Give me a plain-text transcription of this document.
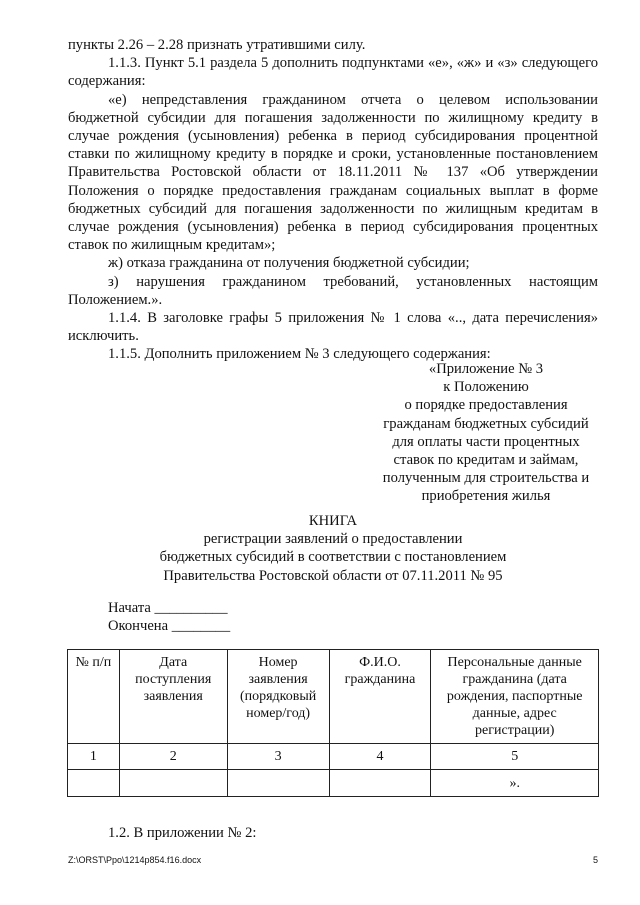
пункты 2.26 – 2.28 признать утратившими силу.

1.1.3. Пункт 5.1 раздела 5 дополнить подпунктами «е», «ж» и «з» следующего содержания:

«е) непредставления гражданином отчета о целевом использовании бюджетной субсидии для погашения задолженности по жилищному кредиту в случае рождения (усыновления) ребенка в период субсидирования процентной ставки по жилищному кредиту в порядке и сроки, установленные постановлением Правительства Ростовской области от 18.11.2011 № 137 «Об утверждении Положения о порядке предоставления гражданам социальных выплат в форме бюджетных субсидий для погашения задолженности по жилищным кредитам в случае рождения (усыновления) ребенка в период субсидирования процентных ставок по жилищным кредитам»;

ж) отказа гражданина от получения бюджетной субсидии;

з) нарушения гражданином требований, установленных настоящим Положением.».

1.1.4. В заголовке графы 5 приложения № 1 слова «.., дата перечисления» исключить.

1.1.5. Дополнить приложением № 3 следующего содержания:

«Приложение № 3
к Положению
о порядке предоставления
гражданам бюджетных субсидий
для оплаты части процентных
ставок по кредитам и займам,
полученным для строительства и
приобретения жилья
КНИГА
регистрации заявлений о предоставлении
бюджетных субсидий в соответствии с постановлением
Правительства Ростовской области от 07.11.2011 № 95
Начата __________
Окончена ________
№ п/п	Дата поступления заявления	Номер заявления (порядковый номер/год)	Ф.И.О. гражданина	Персональные данные гражданина (дата рождения, паспортные данные, адрес регистрации)
1	2	3	4	5
				».
1.2. В приложении № 2:
Z:\ORST\Ppo\1214p854.f16.docx	5
